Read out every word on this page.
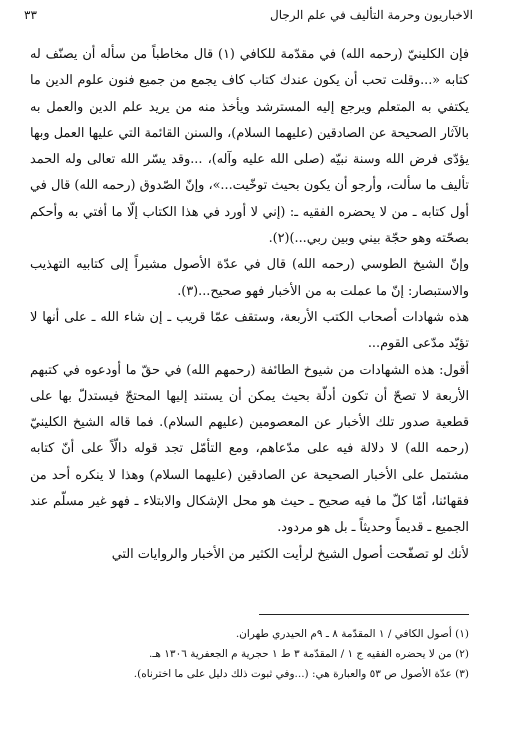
الاخباريون وحرمة التأليف في علم الرجال
٣٣

فإن الكلينيّ (رحمه الله) في مقدّمة للكافي (١) قال مخاطباً من سأله أن يصنّف له كتابه «...وقلت تحب أن يكون عندك كتاب كاف يجمع من جميع فنون علوم الدين ما يكتفي به المتعلم ويرجع إليه المسترشد ويأخذ منه من يريد علم الدين والعمل به بالآثار الصحيحة عن الصادقين (عليهما السلام)، والسنن القائمة التي عليها العمل وبها يؤدّى فرض الله وسنة نبيّه (صلى الله عليه وآله)، ...وقد يسّر الله تعالى وله الحمد تأليف ما سألت، وأرجو أن يكون بحيث توخّيت...»، وإنّ الصّدوق (رحمه الله) قال في أول كتابه ـ من لا يحضره الفقيه ـ: (إني لا أورد في هذا الكتاب إلّا ما أفتي به وأحكم بصحّته وهو حجّة بيني وبين ربي...)(٢).

وإنّ الشيخ الطوسي (رحمه الله) قال في عدّة الأصول مشيراً إلى كتابيه التهذيب والاستبصار: إنّ ما عملت به من الأخبار فهو صحيح...(٣).

هذه شهادات أصحاب الكتب الأربعة، وستقف عمّا قريب ـ إن شاء الله ـ على أنها لا تؤيّد مدّعى القوم...

أقول: هذه الشهادات من شيوخ الطائفة (رحمهم الله) في حقّ ما أودعوه في كتبهم الأربعة لا تصحّ أن تكون أدلّة بحيث يمكن أن يستند إليها المحتجّ فيستدلّ بها على قطعية صدور تلك الأخبار عن المعصومين (عليهم السلام). فما قاله الشيخ الكلينيّ (رحمه الله) لا دلالة فيه على مدّعاهم، ومع التأمّل تجد قوله دالّاً على أنّ كتابه مشتمل على الأخبار الصحيحة عن الصادقين (عليهما السلام) وهذا لا ينكره أحد من فقهائنا، أمّا كلّ ما فيه صحيح ـ حيث هو محل الإشكال والابتلاء ـ فهو غير مسلّم عند الجميع ـ قديماً وحديثاً ـ بل هو مردود.

لأنك لو تصفّحت أصول الشيخ لرأيت الكثير من الأخبار والروايات التي

(١) أصول الكافي / ١ المقدّمة ٨ ـ ٩م الحيدري طهران.

(٢) من لا يحضره الفقيه ج ١ / المقدّمة ٣ ط ١ حجرية م الجعفرية ١٣٠٦ هـ.

(٣) عدّة الأصول ص ٥٣ والعبارة هي: (...وفي ثبوت ذلك دليل على ما اخترناه).
